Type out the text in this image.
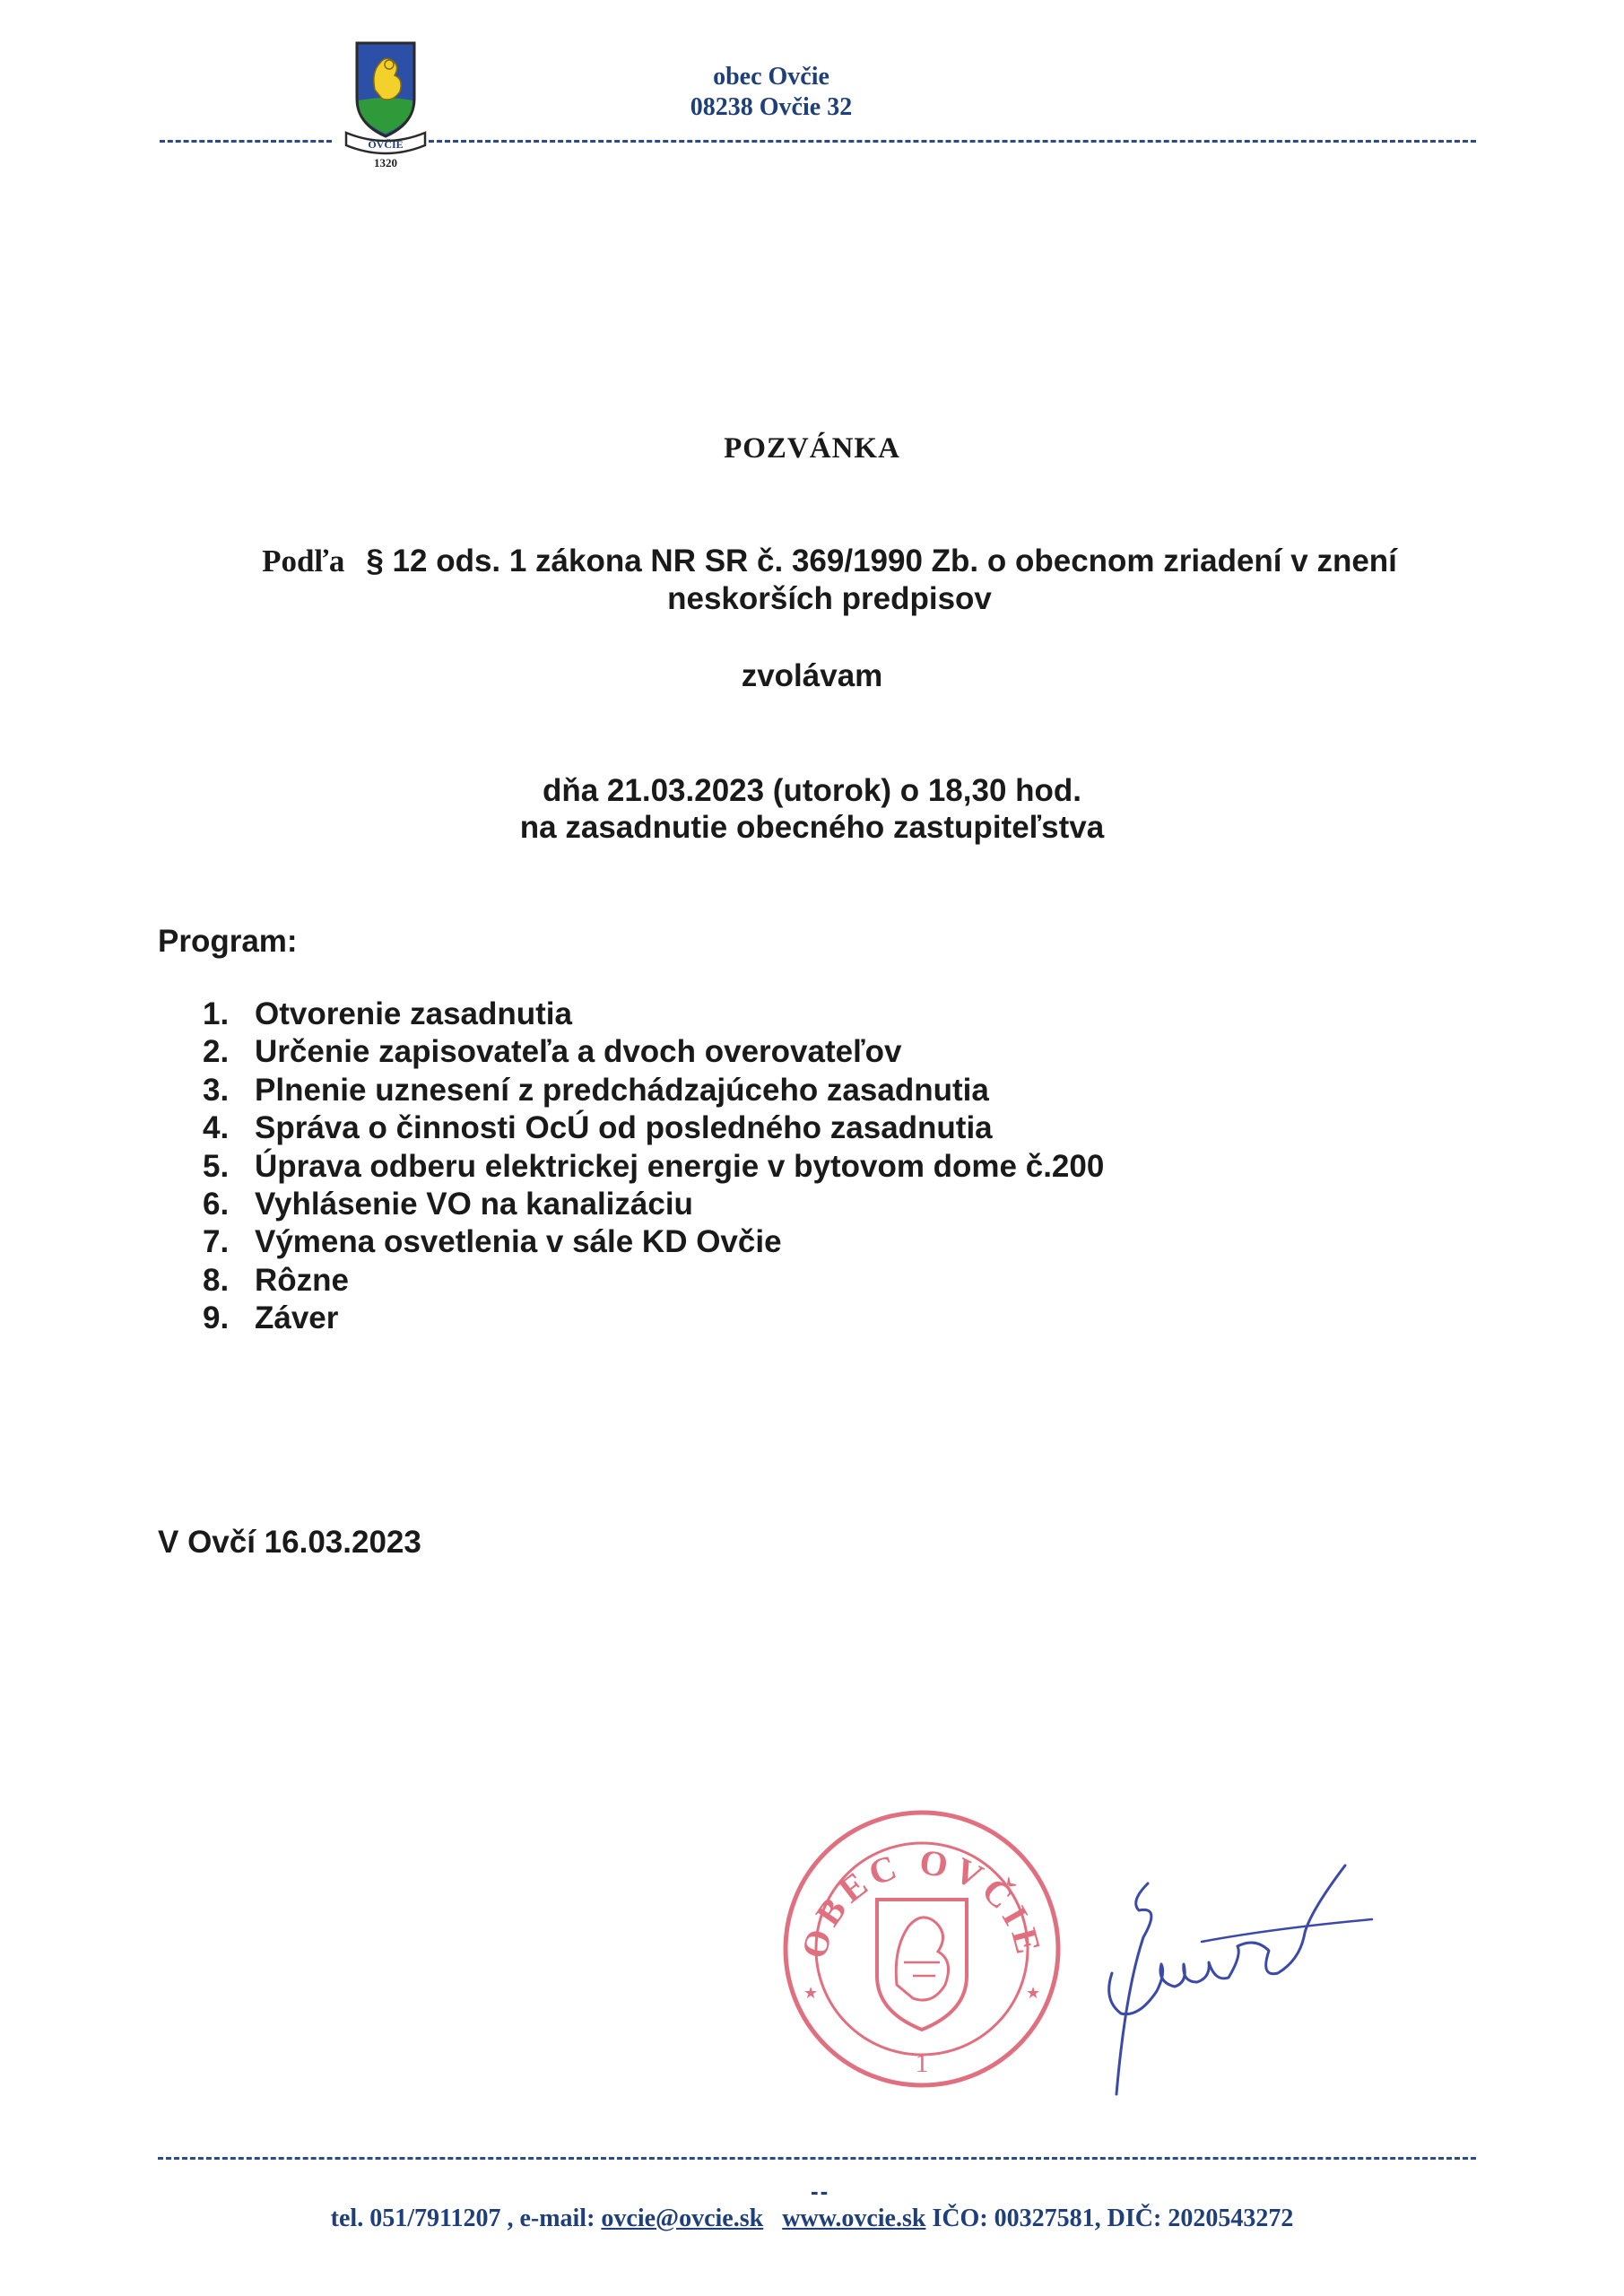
OVČIE
1320
obec Ovčie
08238 Ovčie 32
POZVÁNKA
Podľa § 12 ods. 1 zákona NR SR č. 369/1990 Zb. o obecnom zriadení v znení neskorších predpisov
zvolávam
dňa 21.03.2023 (utorok) o 18,30 hod.
na zasadnutie obecného zastupiteľstva
Program:
1. Otvorenie zasadnutia
2. Určenie zapisovateľa a dvoch overovateľov
3. Plnenie uznesení z predchádzajúceho zasadnutia
4. Správa o činnosti OcÚ od posledného zasadnutia
5. Úprava odberu elektrickej energie v bytovom dome č.200
6. Vyhlásenie VO na kanalizáciu
7. Výmena osvetlenia v sále KD Ovčie
8. Rôzne
9. Záver
V Ovčí 16.03.2023
OBEC OVČIE
★	★
1
--
tel. 051/7911207 , e-mail: ovcie@ovcie.sk www.ovcie.sk IČO: 00327581, DIČ: 2020543272
